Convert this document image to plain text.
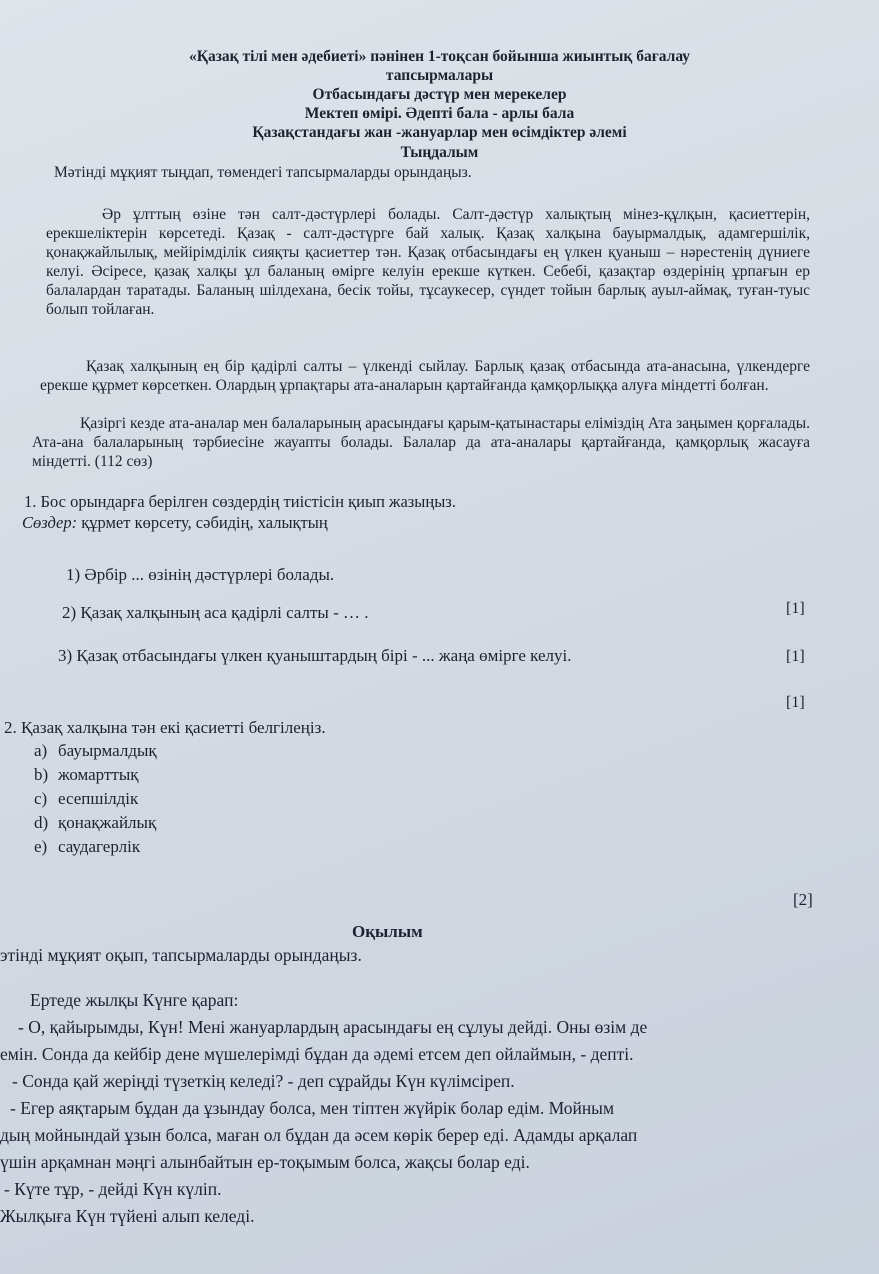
«Қазақ тілі мен әдебиеті» пәнінен 1-тоқсан бойынша жиынтық бағалау
тапсырмалары
Отбасындағы дәстүр мен мерекелер
Мектеп өмірі. Әдепті бала - арлы бала
Қазақстандағы жан -жануарлар мен өсімдіктер әлемі
Тыңдалым
Мәтінді мұқият тыңдап, төмендегі тапсырмаларды орындаңыз.
Әр ұлттың өзіне тән салт-дәстүрлері болады. Салт-дәстүр халықтың мінез-құлқын, қасиеттерін, ерекшеліктерін көрсетеді. Қазақ - салт-дәстүрге бай халық. Қазақ халқына бауырмалдық, адамгершілік, қонақжайлылық, мейірімділік сияқты қасиеттер тән. Қазақ отбасындағы ең үлкен қуаныш – нәрестенің дүниеге келуі. Әсіресе, қазақ халқы ұл баланың өмірге келуін ерекше күткен. Себебі, қазақтар өздерінің ұрпағын ер балалардан таратады. Баланың шілдехана, бесік тойы, тұсаукесер, сүндет тойын барлық ауыл-аймақ, туған-туыс болып тойлаған.
Қазақ халқының ең бір қадірлі салты – үлкенді сыйлау. Барлық қазақ отбасында ата-анасына, үлкендерге ерекше құрмет көрсеткен. Олардың ұрпақтары ата-аналарын қартайғанда қамқорлыққа алуға міндетті болған.
Қазіргі кезде ата-аналар мен балаларының арасындағы қарым-қатынастары еліміздің Ата заңымен қорғалады. Ата-ана балаларының тәрбиесіне жауапты болады. Балалар да ата-аналары қартайғанда, қамқорлық жасауға міндетті. (112 сөз)
1. Бос орындарға берілген сөздердің тиістісін қиып жазыңыз.
Сөздер: құрмет көрсету, сәбидің, халықтың
1) Әрбір ... өзінің дәстүрлері болады.
[1]
2) Қазақ халқының аса қадірлі салты - … .
[1]
3) Қазақ отбасындағы үлкен қуаныштардың бірі - ... жаңа өмірге келуі.
[1]
2. Қазақ халқына тән екі қасиетті белгілеңіз.
a) бауырмалдық
b) жомарттық
c) есепшілдік
d) қонақжайлық
e) саудагерлік
[2]
Оқылым
этінді мұқият оқып, тапсырмаларды орындаңыз.
Ертеде жылқы Күнге қарап:
- О, қайырымды, Күн! Мені жануарлардың арасындағы ең сұлуы дейді. Оны өзім де
емін. Сонда да кейбір дене мүшелерімді бұдан да әдемі етсем деп ойлаймын, - депті.
- Сонда қай жеріңді түзеткің келеді? - деп сұрайды Күн күлімсіреп.
- Егер аяқтарым бұдан да ұзындау болса, мен тіптен жүйрік болар едім. Мойным
дың мойнындай ұзын болса, маған ол бұдан да әсем көрік берер еді. Адамды арқалап
үшін арқамнан мәңгі алынбайтын ер-тоқымым болса, жақсы болар еді.
- Күте тұр, - дейді Күн күліп.
Жылқыға Күн түйені алып келеді.
